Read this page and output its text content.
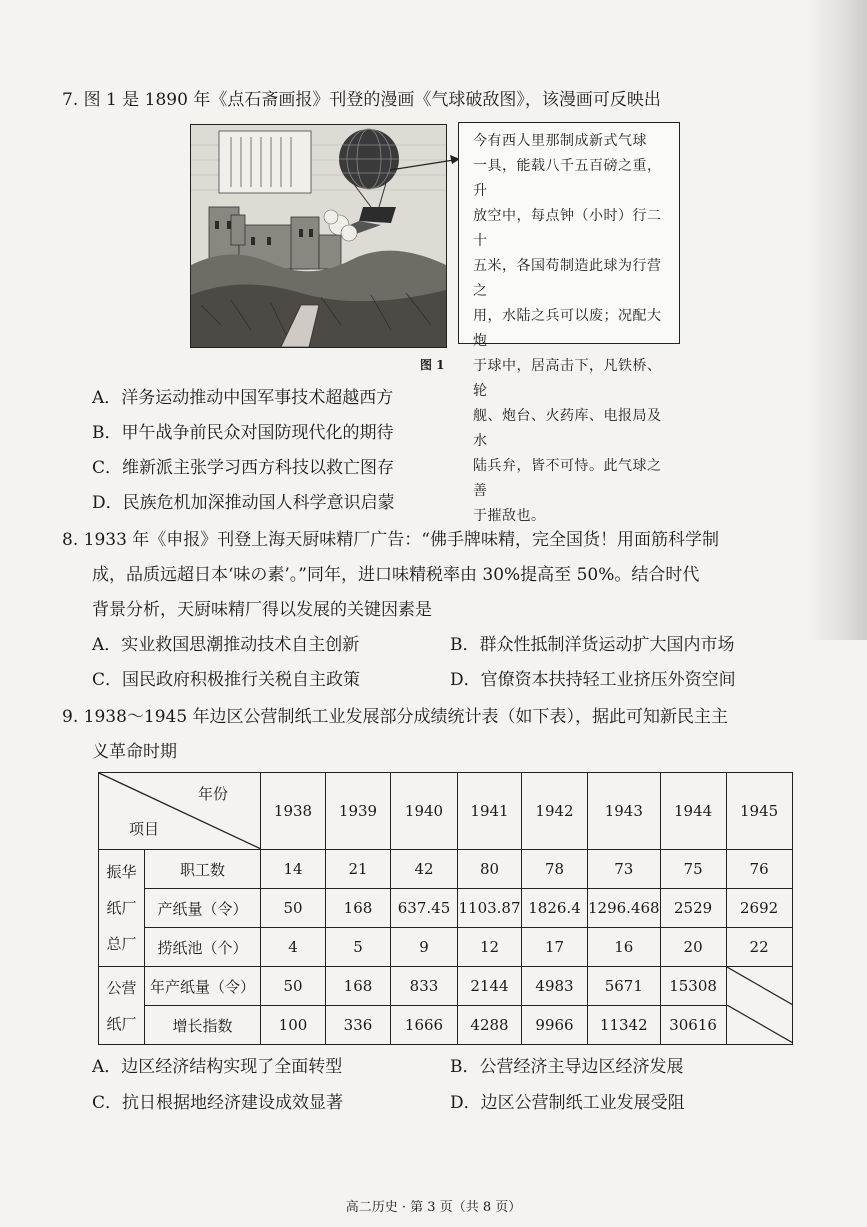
7. 图 1 是 1890 年《点石斋画报》刊登的漫画《气球破敌图》，该漫画可反映出

今有西人里那制成新式气球
一具，能载八千五百磅之重，升
放空中，每点钟（小时）行二十
五米，各国苟制造此球为行营之
用，水陆之兵可以废；况配大炮
于球中，居高击下，凡铁桥、轮
舰、炮台、火药库、电报局及水
陆兵弁，皆不可恃。此气球之善
于摧敌也。

图 1
A．洋务运动推动中国军事技术超越西方
B．甲午战争前民众对国防现代化的期待
C．维新派主张学习西方科技以救亡图存
D．民族危机加深推动国人科学意识启蒙
8. 1933 年《申报》刊登上海天厨味精厂广告：“佛手牌味精，完全国货！用面筋科学制
成，品质远超日本‘味の素’。”同年，进口味精税率由 30%提高至 50%。结合时代
背景分析，天厨味精厂得以发展的关键因素是
A．实业救国思潮推动技术自主创新	B．群众性抵制洋货运动扩大国内市场
C．国民政府积极推行关税自主政策	D．官僚资本扶持轻工业挤压外资空间
9. 1938～1945 年边区公营制纸工业发展部分成绩统计表（如下表），据此可知新民主主
义革命时期
年份
项目		1938	1939	1940	1941	1942	1943	1944	1945

振华
纸厂
总厂	职工数	14	21	42	80	78	73	75	76
	产纸量（令）	50	168	637.45	1103.87	1826.4	1296.468	2529	2692
	捞纸池（个）	4	5	9	12	17	16	20	22

公营
纸厂	年产纸量（令）	50	168	833	2144	4983	5671	15308	

	增长指数	100	336	1666	4288	9966	11342	30616	
A．边区经济结构实现了全面转型	B．公营经济主导边区经济发展
C．抗日根据地经济建设成效显著	D．边区公营制纸工业发展受阻
高二历史 · 第 3 页（共 8 页）
